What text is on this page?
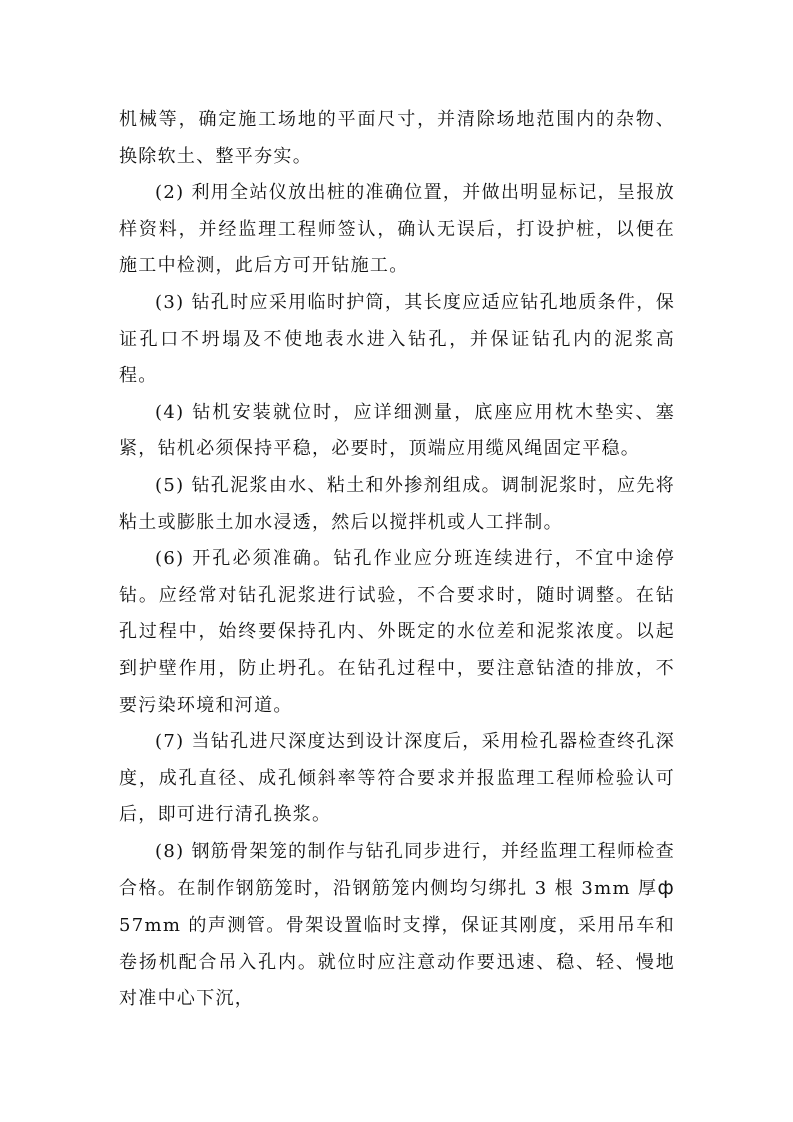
机械等，确定施工场地的平面尺寸，并清除场地范围内的杂物、换除软土、整平夯实。

(2) 利用全站仪放出桩的准确位置，并做出明显标记，呈报放样资料，并经监理工程师签认，确认无误后，打设护桩，以便在施工中检测，此后方可开钻施工。

(3) 钻孔时应采用临时护筒，其长度应适应钻孔地质条件，保证孔口不坍塌及不使地表水进入钻孔，并保证钻孔内的泥浆高程。

(4) 钻机安装就位时，应详细测量，底座应用枕木垫实、塞紧，钻机必须保持平稳，必要时，顶端应用缆风绳固定平稳。

(5) 钻孔泥浆由水、粘土和外掺剂组成。调制泥浆时，应先将粘土或膨胀土加水浸透，然后以搅拌机或人工拌制。

(6) 开孔必须准确。钻孔作业应分班连续进行，不宜中途停钻。应经常对钻孔泥浆进行试验，不合要求时，随时调整。在钻孔过程中，始终要保持孔内、外既定的水位差和泥浆浓度。以起到护壁作用，防止坍孔。在钻孔过程中，要注意钻渣的排放，不要污染环境和河道。

(7) 当钻孔进尺深度达到设计深度后，采用检孔器检查终孔深度，成孔直径、成孔倾斜率等符合要求并报监理工程师检验认可后，即可进行清孔换浆。

(8) 钢筋骨架笼的制作与钻孔同步进行，并经监理工程师检查合格。在制作钢筋笼时，沿钢筋笼内侧均匀绑扎 3 根 3mm 厚ф57mm 的声测管。骨架设置临时支撑，保证其刚度，采用吊车和卷扬机配合吊入孔内。就位时应注意动作要迅速、稳、轻、慢地对准中心下沉，
